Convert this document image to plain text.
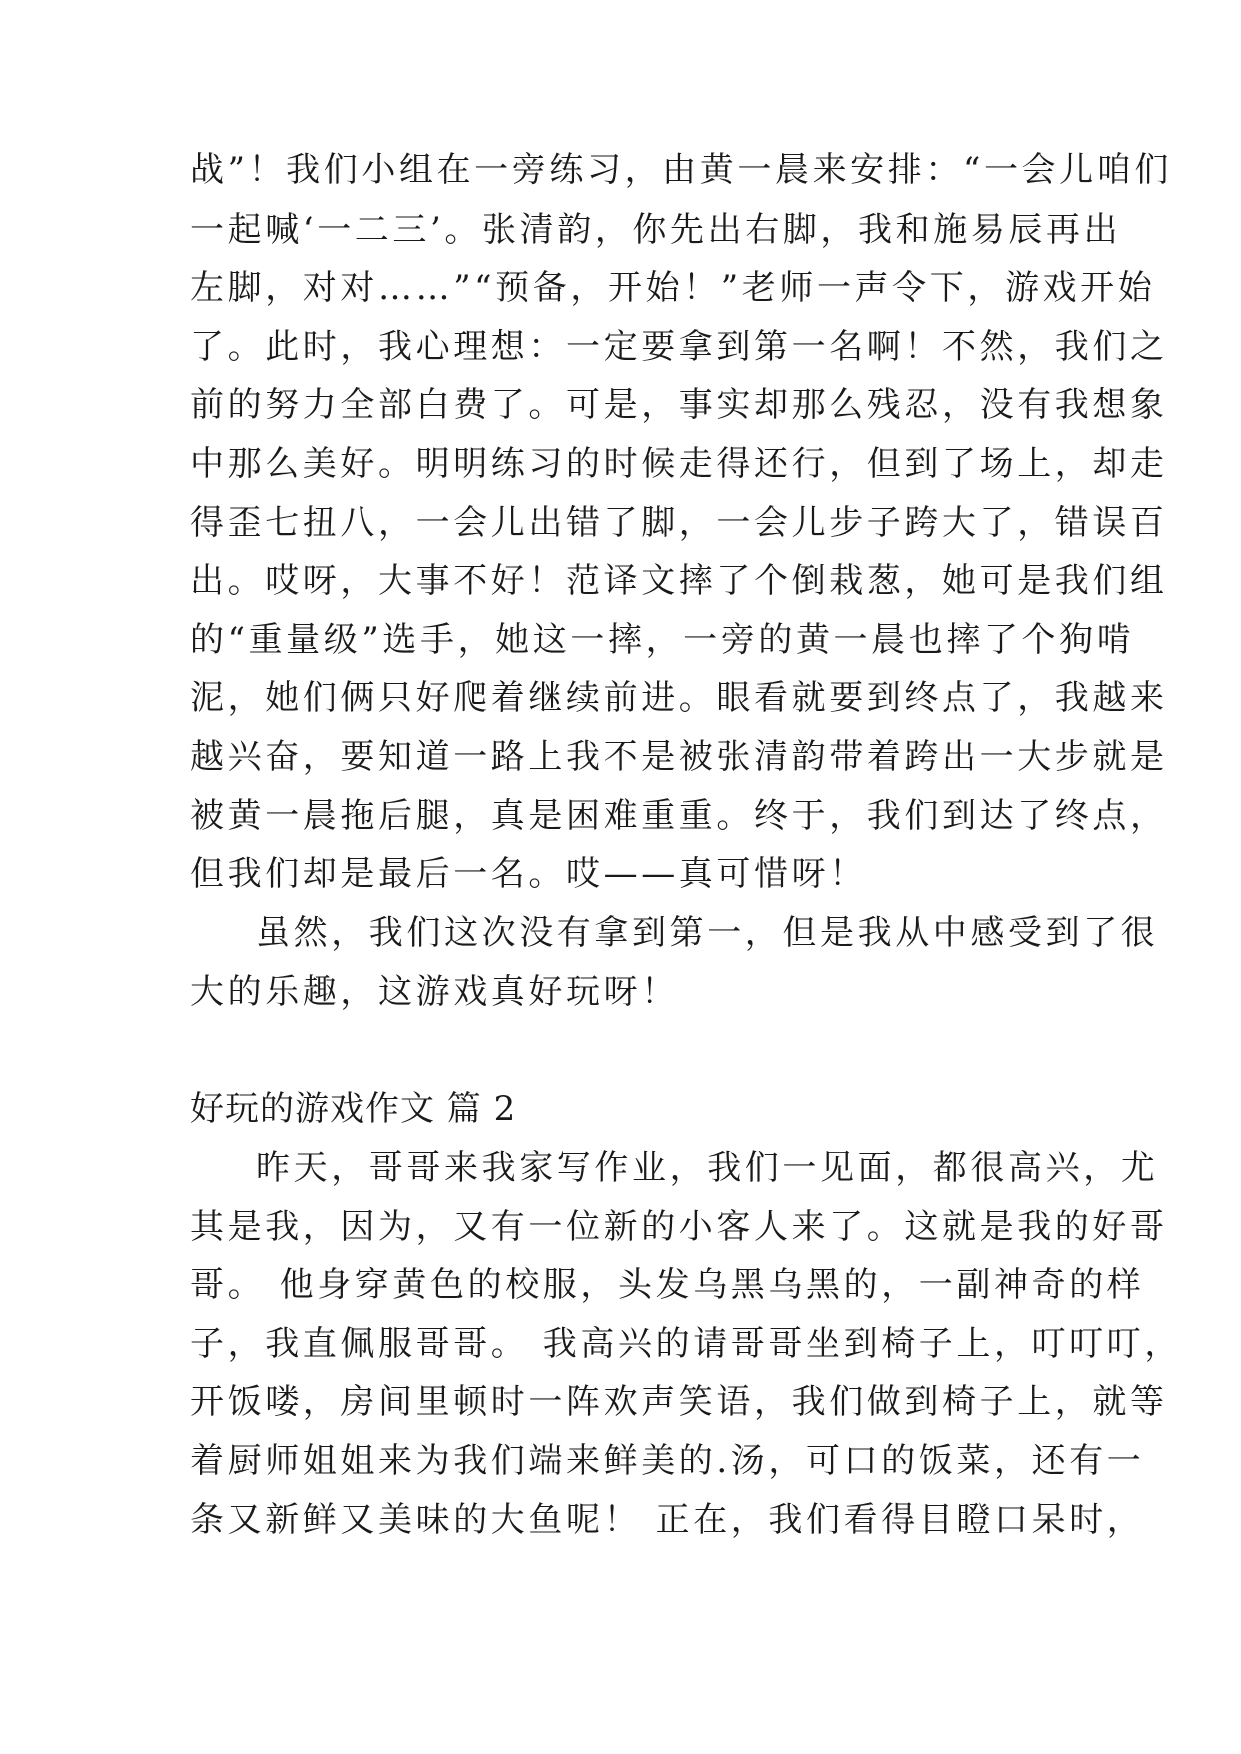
战”！我们小组在一旁练习，由黄一晨来安排：“一会儿咱们
一起喊‘一二三’。张清韵，你先出右脚，我和施易辰再出
左脚，对对……”“预备，开始！”老师一声令下，游戏开始
了。此时，我心理想：一定要拿到第一名啊！不然，我们之
前的努力全部白费了。可是，事实却那么残忍，没有我想象
中那么美好。明明练习的时候走得还行，但到了场上，却走
得歪七扭八，一会儿出错了脚，一会儿步子跨大了，错误百
出。哎呀，大事不好！范译文摔了个倒栽葱，她可是我们组
的“重量级”选手，她这一摔，一旁的黄一晨也摔了个狗啃
泥，她们俩只好爬着继续前进。眼看就要到终点了，我越来
越兴奋，要知道一路上我不是被张清韵带着跨出一大步就是
被黄一晨拖后腿，真是困难重重。终于，我们到达了终点，
但我们却是最后一名。哎——真可惜呀！
虽然，我们这次没有拿到第一，但是我从中感受到了很
大的乐趣，这游戏真好玩呀！
好玩的游戏作文 篇 2
昨天，哥哥来我家写作业，我们一见面，都很高兴，尤
其是我，因为，又有一位新的小客人来了。这就是我的好哥
哥。 他身穿黄色的校服，头发乌黑乌黑的，一副神奇的样
子，我直佩服哥哥。 我高兴的请哥哥坐到椅子上，叮叮叮，
开饭喽，房间里顿时一阵欢声笑语，我们做到椅子上，就等
着厨师姐姐来为我们端来鲜美的.汤，可口的饭菜，还有一
条又新鲜又美味的大鱼呢！ 正在，我们看得目瞪口呆时，
